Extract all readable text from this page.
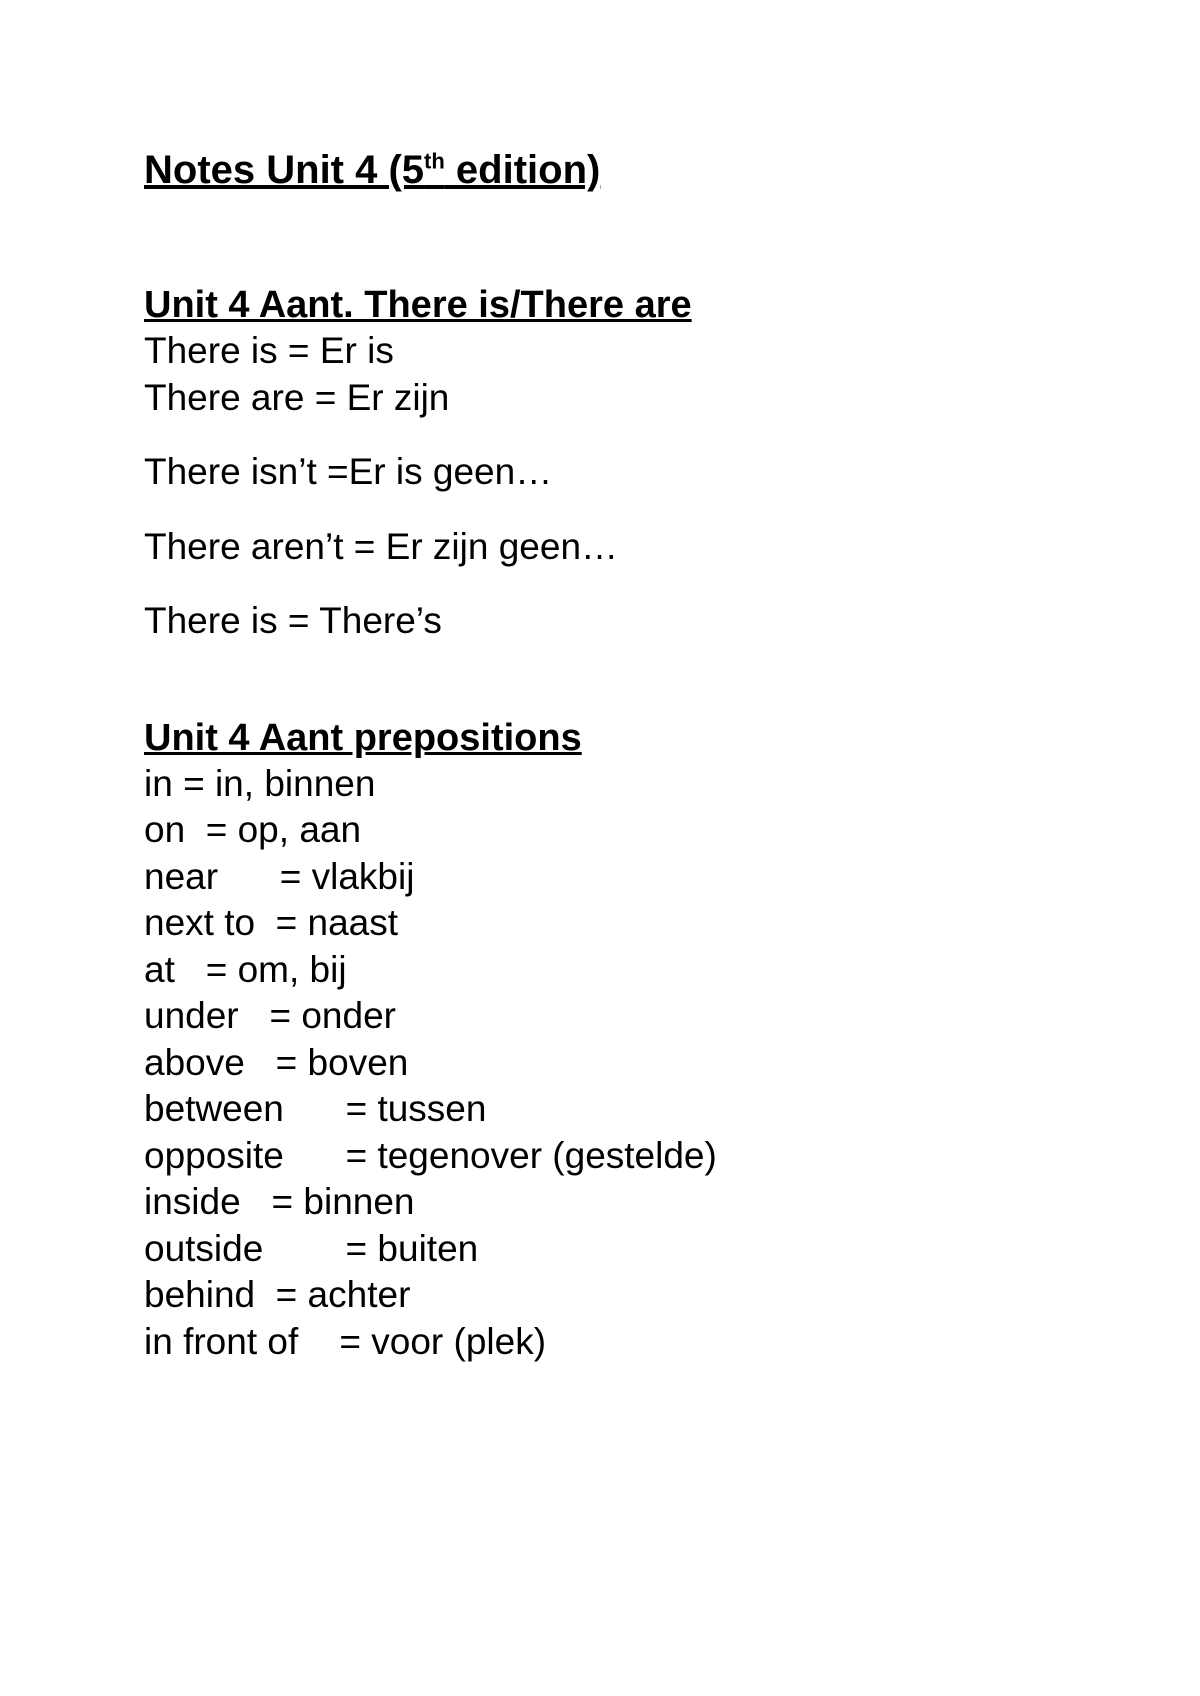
Notes Unit 4 (5th edition)
Unit 4 Aant. There is/There are

There is = Er is

There are = Er zijn

There isn’t =Er is geen…

There aren’t = Er zijn geen…

There is = There’s

Unit 4 Aant prepositions

in = in, binnen

on  = op, aan

near      = vlakbij

next to  = naast

at   = om, bij

under   = onder

above   = boven

between      = tussen

opposite      = tegenover (gestelde)

inside   = binnen

outside        = buiten

behind  = achter

in front of    = voor (plek)
